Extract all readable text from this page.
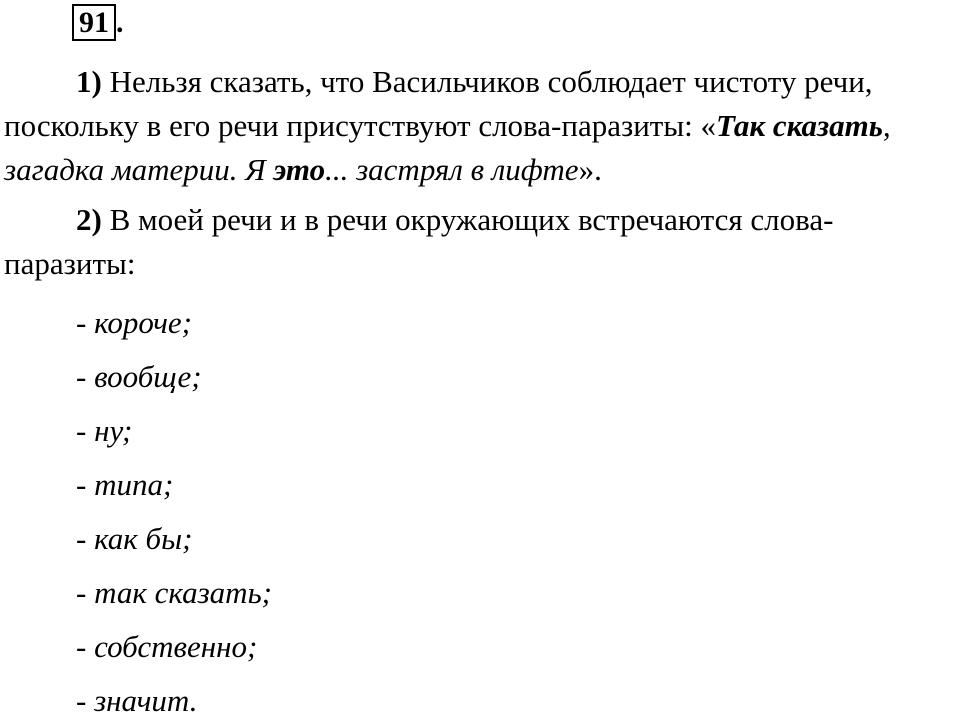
91 .

1) Нельзя сказать, что Васильчиков соблюдает чистоту речи, поскольку в его речи присутствуют слова-паразиты: «Так сказать, загадка материи. Я это... застрял в лифте».

2) В моей речи и в речи окружающих встречаются слова-паразиты:

- короче;
- вообще;
- ну;
- типа;
- как бы;
- так сказать;
- собственно;
- значит.
